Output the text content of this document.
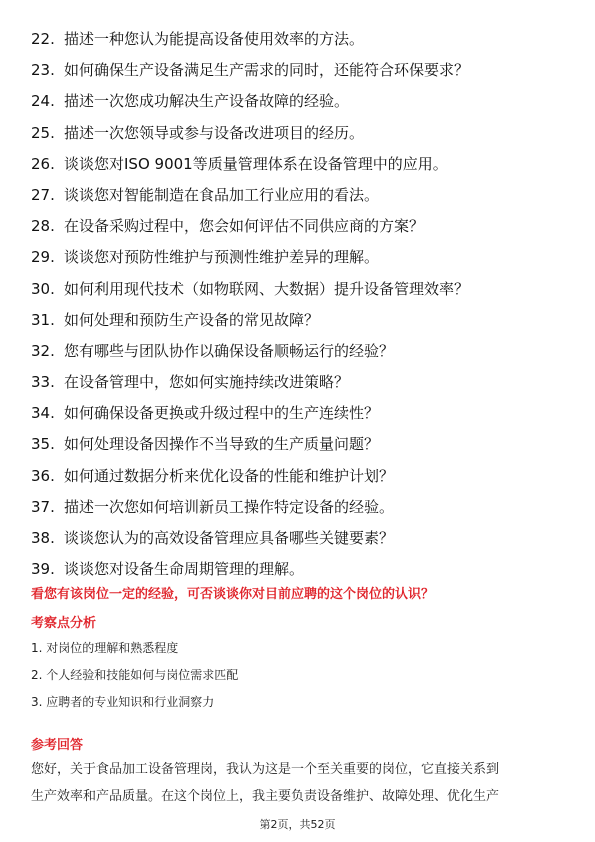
22. 描述一种您认为能提高设备使用效率的方法。
23. 如何确保生产设备满足生产需求的同时，还能符合环保要求？
24. 描述一次您成功解决生产设备故障的经验。
25. 描述一次您领导或参与设备改进项目的经历。
26. 谈谈您对ISO 9001等质量管理体系在设备管理中的应用。
27. 谈谈您对智能制造在食品加工行业应用的看法。
28. 在设备采购过程中，您会如何评估不同供应商的方案？
29. 谈谈您对预防性维护与预测性维护差异的理解。
30. 如何利用现代技术（如物联网、大数据）提升设备管理效率？
31. 如何处理和预防生产设备的常见故障？
32. 您有哪些与团队协作以确保设备顺畅运行的经验？
33. 在设备管理中，您如何实施持续改进策略？
34. 如何确保设备更换或升级过程中的生产连续性？
35. 如何处理设备因操作不当导致的生产质量问题？
36. 如何通过数据分析来优化设备的性能和维护计划？
37. 描述一次您如何培训新员工操作特定设备的经验。
38. 谈谈您认为的高效设备管理应具备哪些关键要素？
39. 谈谈您对设备生命周期管理的理解。
看您有该岗位一定的经验，可否谈谈你对目前应聘的这个岗位的认识？
考察点分析
1. 对岗位的理解和熟悉程度
2. 个人经验和技能如何与岗位需求匹配
3. 应聘者的专业知识和行业洞察力
参考回答
您好，关于食品加工设备管理岗，我认为这是一个至关重要的岗位，它直接关系到
生产效率和产品质量。在这个岗位上，我主要负责设备维护、故障处理、优化生产
第2页，共52页
